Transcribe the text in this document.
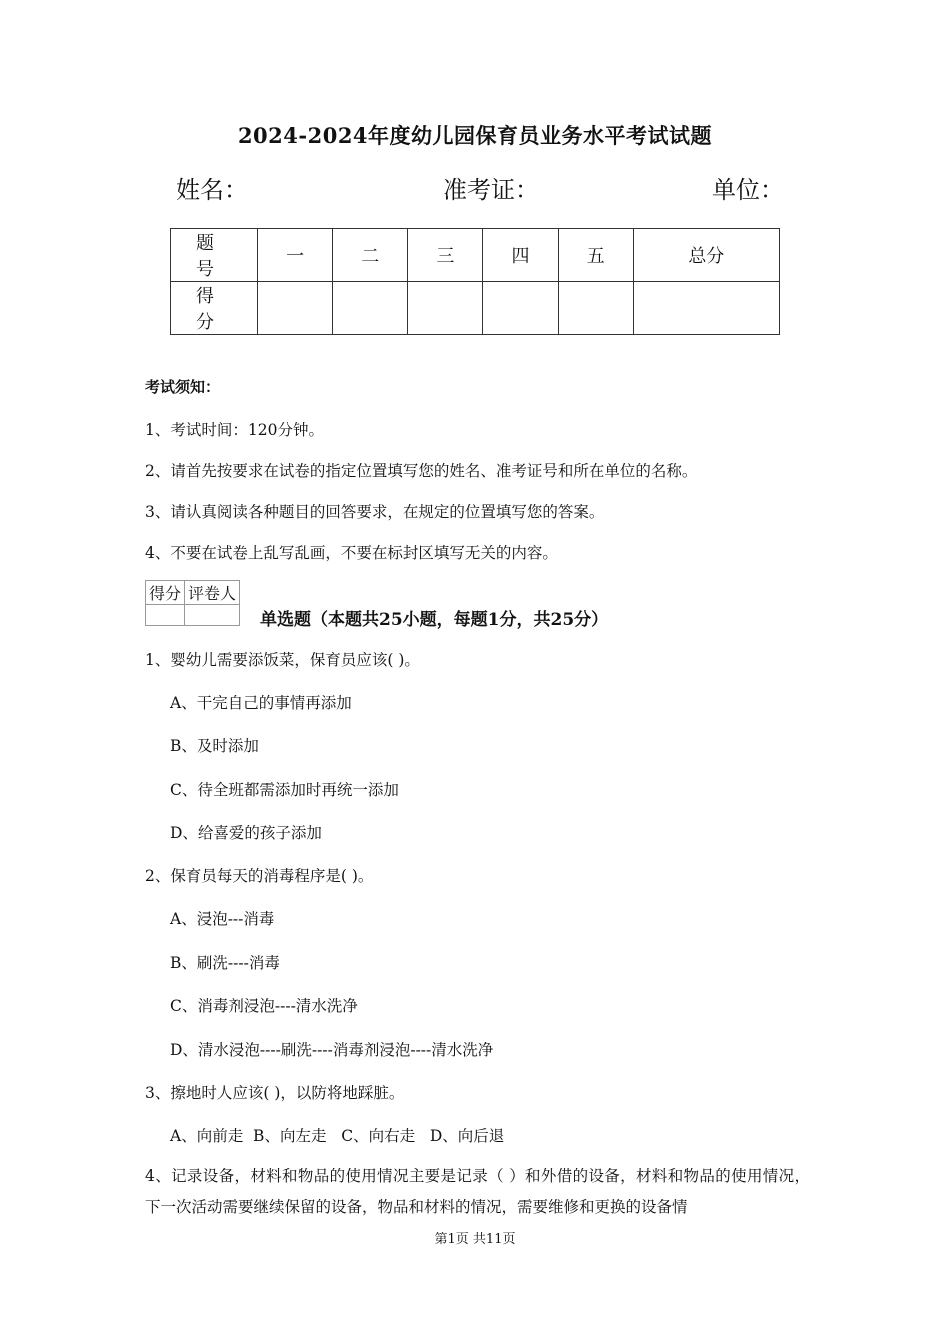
2024-2024年度幼儿园保育员业务水平考试试题
姓名：	准考证：	单位：
题 号	一	二	三	四	五	总分
得 分						
考试须知：
1、考试时间：120分钟。
2、请首先按要求在试卷的指定位置填写您的姓名、准考证号和所在单位的名称。
3、请认真阅读各种题目的回答要求，在规定的位置填写您的答案。
4、不要在试卷上乱写乱画，不要在标封区填写无关的内容。
得分	评卷人

单选题（本题共25小题，每题1分，共25分）
1、婴幼儿需要添饭菜，保育员应该( )。
A、干完自己的事情再添加
B、及时添加
C、待全班都需添加时再统一添加
D、给喜爱的孩子添加
2、保育员每天的消毒程序是( )。
A、浸泡---消毒
B、刷洗----消毒
C、消毒剂浸泡----清水洗净
D、清水浸泡----刷洗----消毒剂浸泡----清水洗净
3、擦地时人应该( )，以防将地踩脏。
A、向前走  B、向左走   C、向右走   D、向后退
4、记录设备，材料和物品的使用情况主要是记录（ ）和外借的设备，材料和物品的使用情况，下一次活动需要继续保留的设备，物品和材料的情况，需要维修和更换的设备情
第1页 共11页
